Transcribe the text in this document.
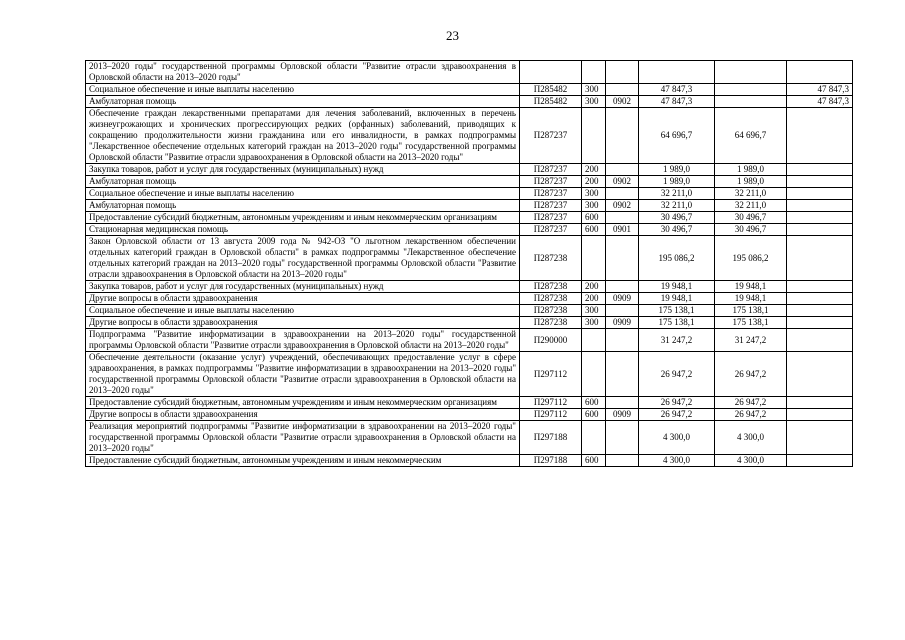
23
2013–2020 годы" государственной программы Орловской области "Развитие отрасли здравоохранения в Орловской области на 2013–2020 годы"						
Социальное обеспечение и иные выплаты населению	П285482	300		47 847,3		47 847,3
Амбулаторная помощь	П285482	300	0902	47 847,3		47 847,3
Обеспечение граждан лекарственными препаратами для лечения заболеваний, включенных в перечень жизнеугрожающих и хронических прогрессирующих редких (орфанных) заболеваний, приводящих к сокращению продолжительности жизни гражданина или его инвалидности, в рамках подпрограммы "Лекарственное обеспечение отдельных категорий граждан на 2013–2020 годы" государственной программы Орловской области "Развитие отрасли здравоохранения в Орловской области на 2013–2020 годы"	П287237			64 696,7	64 696,7	
Закупка товаров, работ и услуг для государственных (муниципальных) нужд	П287237	200		1 989,0	1 989,0	
Амбулаторная помощь	П287237	200	0902	1 989,0	1 989,0	
Социальное обеспечение и иные выплаты населению	П287237	300		32 211,0	32 211,0	
Амбулаторная помощь	П287237	300	0902	32 211,0	32 211,0	
Предоставление субсидий бюджетным, автономным учреждениям и иным некоммерческим организациям	П287237	600		30 496,7	30 496,7	
Стационарная медицинская помощь	П287237	600	0901	30 496,7	30 496,7	
Закон Орловской области от 13 августа 2009 года № 942-ОЗ "О льготном лекарственном обеспечении отдельных категорий граждан в Орловской области" в рамках подпрограммы "Лекарственное обеспечение отдельных категорий граждан на 2013–2020 годы" государственной программы Орловской области "Развитие отрасли здравоохранения в Орловской области на 2013–2020 годы"	П287238			195 086,2	195 086,2	
Закупка товаров, работ и услуг для государственных (муниципальных) нужд	П287238	200		19 948,1	19 948,1	
Другие вопросы в области здравоохранения	П287238	200	0909	19 948,1	19 948,1	
Социальное обеспечение и иные выплаты населению	П287238	300		175 138,1	175 138,1	
Другие вопросы в области здравоохранения	П287238	300	0909	175 138,1	175 138,1	
Подпрограмма "Развитие информатизации в здравоохранении на 2013–2020 годы" государственной программы Орловской области "Развитие отрасли здравоохранения в Орловской области на 2013–2020 годы"	П290000			31 247,2	31 247,2	
Обеспечение деятельности (оказание услуг) учреждений, обеспечивающих предоставление услуг в сфере здравоохранения, в рамках подпрограммы "Развитие информатизации в здравоохранении на 2013–2020 годы" государственной программы Орловской области "Развитие отрасли здравоохранения в Орловской области на 2013–2020 годы"	П297112			26 947,2	26 947,2	
Предоставление субсидий бюджетным, автономным учреждениям и иным некоммерческим организациям	П297112	600		26 947,2	26 947,2	
Другие вопросы в области здравоохранения	П297112	600	0909	26 947,2	26 947,2	
Реализация мероприятий подпрограммы "Развитие информатизации в здравоохранении на 2013–2020 годы" государственной программы Орловской области "Развитие отрасли здравоохранения в Орловской области на 2013–2020 годы"	П297188			4 300,0	4 300,0	
Предоставление субсидий бюджетным, автономным учреждениям и иным некоммерческим	П297188	600		4 300,0	4 300,0	
